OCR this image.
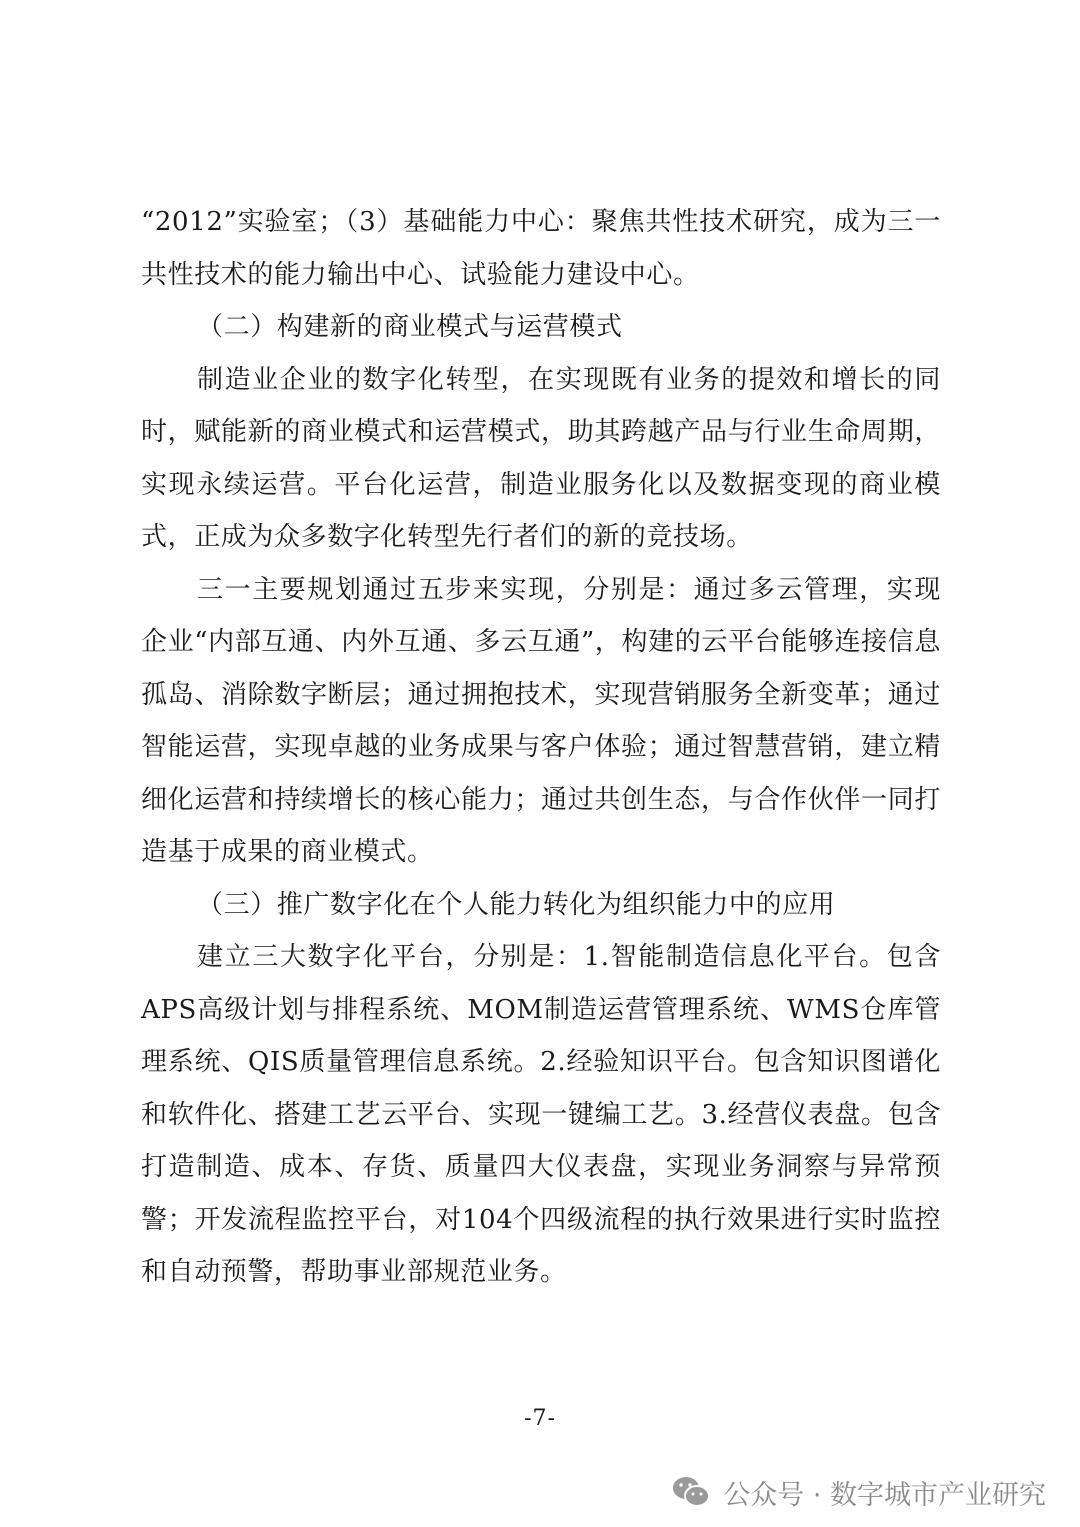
“2012”实验室；（3）基础能力中心：聚焦共性技术研究，成为三一共性技术的能力输出中心、试验能力建设中心。

（二）构建新的商业模式与运营模式

制造业企业的数字化转型，在实现既有业务的提效和增长的同时，赋能新的商业模式和运营模式，助其跨越产品与行业生命周期，实现永续运营。平台化运营，制造业服务化以及数据变现的商业模式，正成为众多数字化转型先行者们的新的竞技场。

三一主要规划通过五步来实现，分别是：通过多云管理，实现企业“内部互通、内外互通、多云互通”，构建的云平台能够连接信息孤岛、消除数字断层；通过拥抱技术，实现营销服务全新变革；通过智能运营，实现卓越的业务成果与客户体验；通过智慧营销，建立精细化运营和持续增长的核心能力；通过共创生态，与合作伙伴一同打造基于成果的商业模式。

（三）推广数字化在个人能力转化为组织能力中的应用

建立三大数字化平台，分别是：1.智能制造信息化平台。包含APS高级计划与排程系统、MOM制造运营管理系统、WMS仓库管理系统、QIS质量管理信息系统。2.经验知识平台。包含知识图谱化和软件化、搭建工艺云平台、实现一键编工艺。3.经营仪表盘。包含打造制造、成本、存货、质量四大仪表盘，实现业务洞察与异常预警；开发流程监控平台，对104个四级流程的执行效果进行实时监控和自动预警，帮助事业部规范业务。

-7-
公众号 · 数字城市产业研究
